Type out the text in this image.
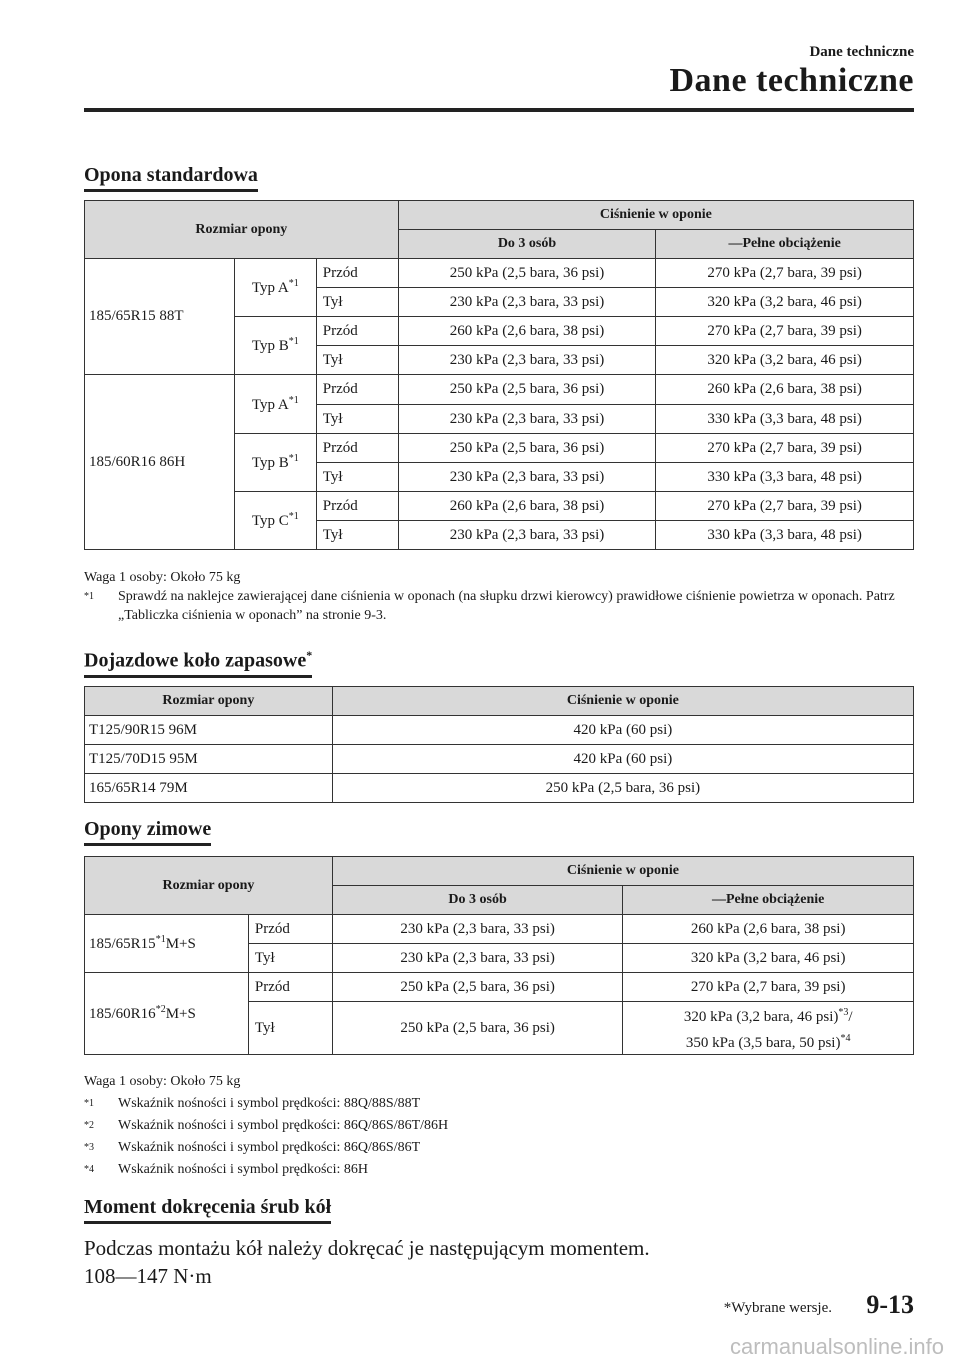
Dane techniczne
Dane techniczne
Opona standardowa
Rozmiar opony			Ciśnienie w oponie	
			Do 3 osób	―Pełne obciążenie
185/65R15 88T	Typ $A^{*1}$	Przód	250 kPa (2,5 bara, 36 psi)	270 kPa (2,7 bara, 39 psi)
		Tył	230 kPa (2,3 bara, 33 psi)	320 kPa (3,2 bara, 46 psi)
	Typ $B^{*1}$	Przód	260 kPa (2,6 bara, 38 psi)	270 kPa (2,7 bara, 39 psi)
		Tył	230 kPa (2,3 bara, 33 psi)	320 kPa (3,2 bara, 46 psi)
185/60R16 86H	Typ $A^{*1}$	Przód	250 kPa (2,5 bara, 36 psi)	260 kPa (2,6 bara, 38 psi)
		Tył	230 kPa (2,3 bara, 33 psi)	330 kPa (3,3 bara, 48 psi)
	Typ $B^{*1}$	Przód	250 kPa (2,5 bara, 36 psi)	270 kPa (2,7 bara, 39 psi)
		Tył	230 kPa (2,3 bara, 33 psi)	330 kPa (3,3 bara, 48 psi)
	Typ $C^{*1}$	Przód	260 kPa (2,6 bara, 38 psi)	270 kPa (2,7 bara, 39 psi)
		Tył	230 kPa (2,3 bara, 33 psi)	330 kPa (3,3 bara, 48 psi)
Waga 1 osoby: Około 75 kg
*1 Sprawdź na naklejce zawierającej dane ciśnienia w oponach (na słupku drzwi kierowcy) prawidłowe ciśnienie powietrza w oponach. Patrz „Tabliczka ciśnienia w oponach” na stronie 9-3.
Dojazdowe koło zapasowe*
Rozmiar opony	Ciśnienie w oponie
T125/90R15 96M	420 kPa (60 psi)
T125/70D15 95M	420 kPa (60 psi)
165/65R14 79M	250 kPa (2,5 bara, 36 psi)
Opony zimowe
Rozmiar opony		Ciśnienie w oponie	
		Do 3 osób	―Pełne obciążenie
$185/65R15^{*1}M+S$	Przód	230 kPa (2,3 bara, 33 psi)	260 kPa (2,6 bara, 38 psi)
	Tył	230 kPa (2,3 bara, 33 psi)	320 kPa (3,2 bara, 46 psi)
$185/60R16^{*2}M+S$	Przód	250 kPa (2,5 bara, 36 psi)	270 kPa (2,7 bara, 39 psi)
	Tył	250 kPa (2,5 bara, 36 psi)	320 kPa (3,2 bara, 46 psi)$^{*3}$/
350 kPa (3,5 bara, 50 psi)$^{*4}$
Waga 1 osoby: Około 75 kg
*1 Wskaźnik nośności i symbol prędkości: 88Q/88S/88T
*2 Wskaźnik nośności i symbol prędkości: 86Q/86S/86T/86H
*3 Wskaźnik nośności i symbol prędkości: 86Q/86S/86T
*4 Wskaźnik nośności i symbol prędkości: 86H
Moment dokręcenia śrub kół
Podczas montażu kół należy dokręcać je następującym momentem.
108―147 N·m
*Wybrane wersje. 9-13
carmanualsonline.info
